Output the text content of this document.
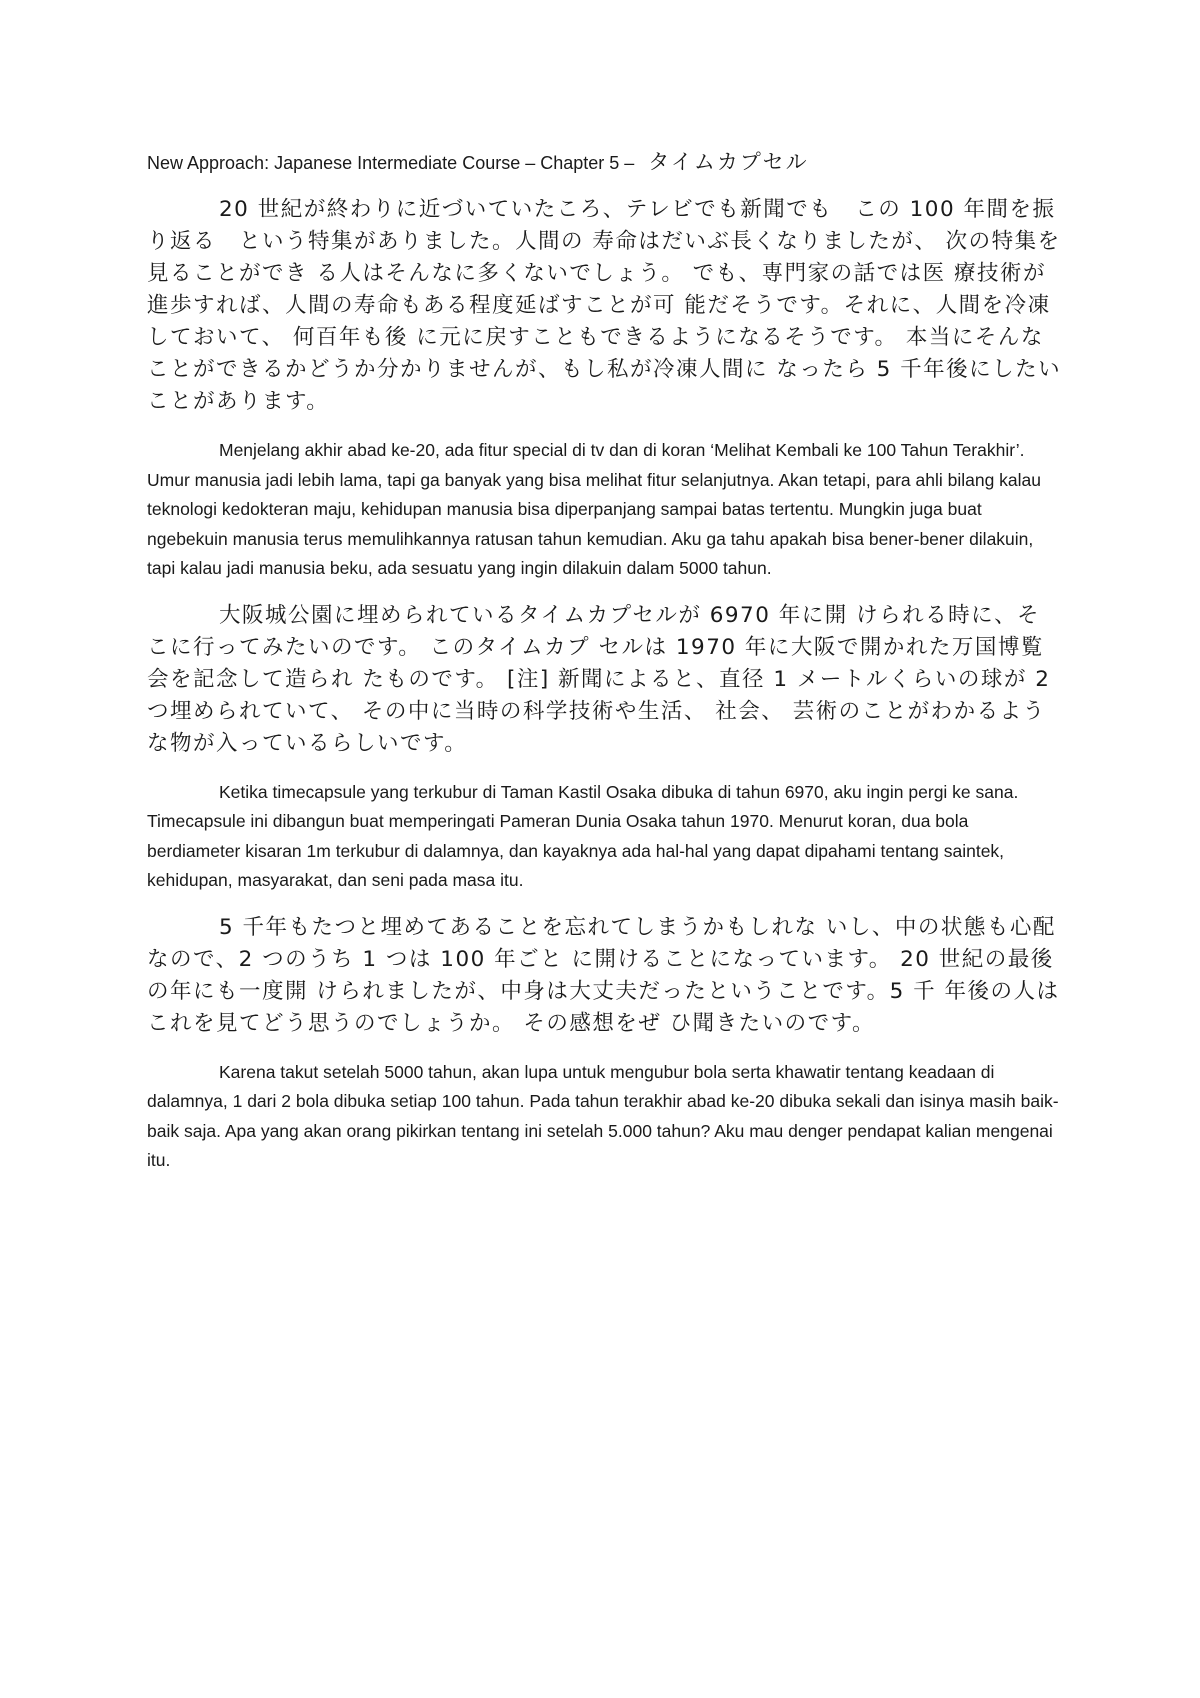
New Approach: Japanese Intermediate Course – Chapter 5 – タイムカプセル

20 世紀が終わりに近づいていたころ、テレビでも新聞でも　この 100 年間を振り返る　という特集がありました。人間の 寿命はだいぶ長くなりましたが、 次の特集を見ることができ る人はそんなに多くないでしょう。 でも、専門家の話では医 療技術が進歩すれば、人間の寿命もある程度延ばすことが可 能だそうです。それに、人間を冷凍しておいて、 何百年も後 に元に戻すこともできるようになるそうです。 本当にそんな ことができるかどうか分かりませんが、もし私が冷凍人間に なったら 5 千年後にしたいことがあります。

Menjelang akhir abad ke-20, ada fitur special di tv dan di koran ‘Melihat Kembali ke 100 Tahun Terakhir’. Umur manusia jadi lebih lama, tapi ga banyak yang bisa melihat fitur selanjutnya. Akan tetapi, para ahli bilang kalau teknologi kedokteran maju, kehidupan manusia bisa diperpanjang sampai batas tertentu. Mungkin juga buat ngebekuin manusia terus memulihkannya ratusan tahun kemudian. Aku ga tahu apakah bisa bener-bener dilakuin, tapi kalau jadi manusia beku, ada sesuatu yang ingin dilakuin dalam 5000 tahun.

大阪城公園に埋められているタイムカプセルが 6970 年に開 けられる時に、そこに行ってみたいのです。 このタイムカプ セルは 1970 年に大阪で開かれた万国博覧会を記念して造られ たものです。 [注] 新聞によると、直径 1 メートルくらいの球が 2 つ埋められていて、 その中に当時の科学技術や生活、 社会、 芸術のことがわかるような物が入っているらしいです。

Ketika timecapsule yang terkubur di Taman Kastil Osaka dibuka di tahun 6970, aku ingin pergi ke sana. Timecapsule ini dibangun buat memperingati Pameran Dunia Osaka tahun 1970. Menurut koran, dua bola berdiameter kisaran 1m terkubur di dalamnya, dan kayaknya ada hal-hal yang dapat dipahami tentang saintek, kehidupan, masyarakat, dan seni pada masa itu.

5 千年もたつと埋めてあることを忘れてしまうかもしれな いし、中の状態も心配なので、2 つのうち 1 つは 100 年ごと に開けることになっています。 20 世紀の最後の年にも一度開 けられましたが、中身は大丈夫だったということです。5 千 年後の人はこれを見てどう思うのでしょうか。 その感想をぜ ひ聞きたいのです。

Karena takut setelah 5000 tahun, akan lupa untuk mengubur bola serta khawatir tentang keadaan di dalamnya, 1 dari 2 bola dibuka setiap 100 tahun. Pada tahun terakhir abad ke-20 dibuka sekali dan isinya masih baik-baik saja. Apa yang akan orang pikirkan tentang ini setelah 5.000 tahun? Aku mau denger pendapat kalian mengenai itu.
